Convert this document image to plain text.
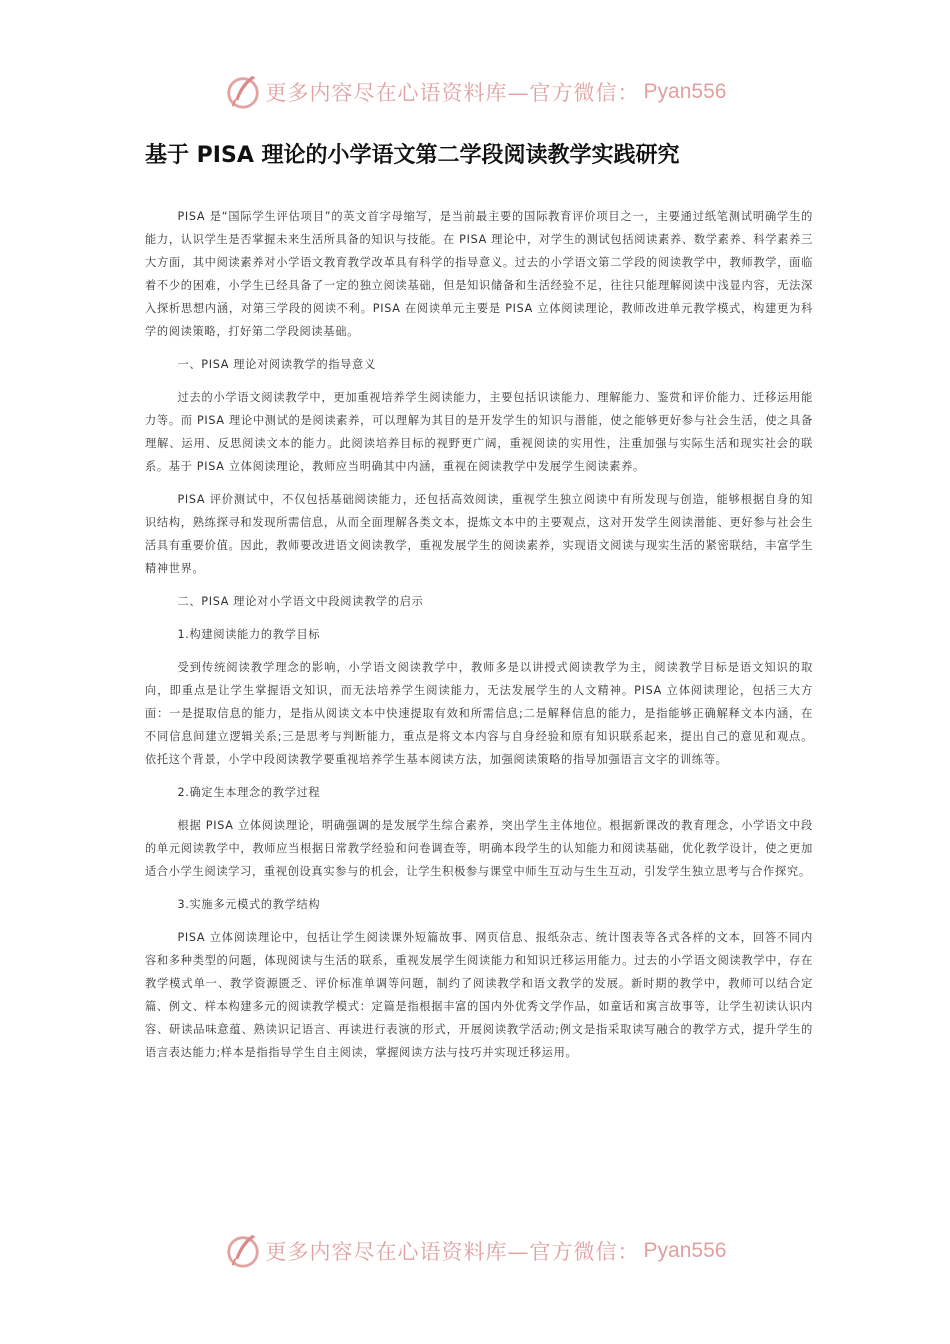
更多内容尽在心语资料库—官方微信： Pyan556
基于 PISA 理论的小学语文第二学段阅读教学实践研究

PISA 是“国际学生评估项目”的英文首字母缩写，是当前最主要的国际教育评价项目之一，主要通过纸笔测试明确学生的能力，认识学生是否掌握未来生活所具备的知识与技能。在 PISA 理论中，对学生的测试包括阅读素养、数学素养、科学素养三大方面，其中阅读素养对小学语文教育教学改革具有科学的指导意义。过去的小学语文第二学段的阅读教学中，教师教学，面临着不少的困难，小学生已经具备了一定的独立阅读基础，但是知识储备和生活经验不足，往往只能理解阅读中浅显内容，无法深入探析思想内涵，对第三学段的阅读不利。PISA 在阅读单元主要是 PISA 立体阅读理论，教师改进单元教学模式，构建更为科学的阅读策略，打好第二学段阅读基础。

一、PISA 理论对阅读教学的指导意义

过去的小学语文阅读教学中，更加重视培养学生阅读能力，主要包括识读能力、理解能力、鉴赏和评价能力、迁移运用能力等。而 PISA 理论中测试的是阅读素养，可以理解为其目的是开发学生的知识与潜能，使之能够更好参与社会生活，使之具备理解、运用、反思阅读文本的能力。此阅读培养目标的视野更广阔，重视阅读的实用性，注重加强与实际生活和现实社会的联系。基于 PISA 立体阅读理论，教师应当明确其中内涵，重视在阅读教学中发展学生阅读素养。

PISA 评价测试中，不仅包括基础阅读能力，还包括高效阅读，重视学生独立阅读中有所发现与创造，能够根据自身的知识结构，熟练探寻和发现所需信息，从而全面理解各类文本，提炼文本中的主要观点，这对开发学生阅读潜能、更好参与社会生活具有重要价值。因此，教师要改进语文阅读教学，重视发展学生的阅读素养，实现语文阅读与现实生活的紧密联结，丰富学生精神世界。

二、PISA 理论对小学语文中段阅读教学的启示

1.构建阅读能力的教学目标

受到传统阅读教学理念的影响，小学语文阅读教学中，教师多是以讲授式阅读教学为主，阅读教学目标是语文知识的取向，即重点是让学生掌握语文知识，而无法培养学生阅读能力，无法发展学生的人文精神。PISA 立体阅读理论，包括三大方面：一是提取信息的能力，是指从阅读文本中快速提取有效和所需信息;二是解释信息的能力，是指能够正确解释文本内涵，在不同信息间建立逻辑关系;三是思考与判断能力，重点是将文本内容与自身经验和原有知识联系起来，提出自己的意见和观点。依托这个背景，小学中段阅读教学要重视培养学生基本阅读方法，加强阅读策略的指导加强语言文字的训练等。

2.确定生本理念的教学过程

根据 PISA 立体阅读理论，明确强调的是发展学生综合素养，突出学生主体地位。根据新课改的教育理念，小学语文中段的单元阅读教学中，教师应当根据日常教学经验和问卷调查等，明确本段学生的认知能力和阅读基础，优化教学设计，使之更加适合小学生阅读学习，重视创设真实参与的机会，让学生积极参与课堂中师生互动与生生互动，引发学生独立思考与合作探究。

3.实施多元模式的教学结构

PISA 立体阅读理论中，包括让学生阅读课外短篇故事、网页信息、报纸杂志、统计图表等各式各样的文本，回答不同内容和多种类型的问题，体现阅读与生活的联系，重视发展学生阅读能力和知识迁移运用能力。过去的小学语文阅读教学中，存在教学模式单一、教学资源匮乏、评价标准单调等问题，制约了阅读教学和语文教学的发展。新时期的教学中，教师可以结合定篇、例文、样本构建多元的阅读教学模式：定篇是指根据丰富的国内外优秀文学作品，如童话和寓言故事等，让学生初读认识内容、研读品味意蕴、熟读识记语言、再读进行表演的形式，开展阅读教学活动;例文是指采取读写融合的教学方式，提升学生的语言表达能力;样本是指指导学生自主阅读，掌握阅读方法与技巧并实现迁移运用。

更多内容尽在心语资料库—官方微信： Pyan556
